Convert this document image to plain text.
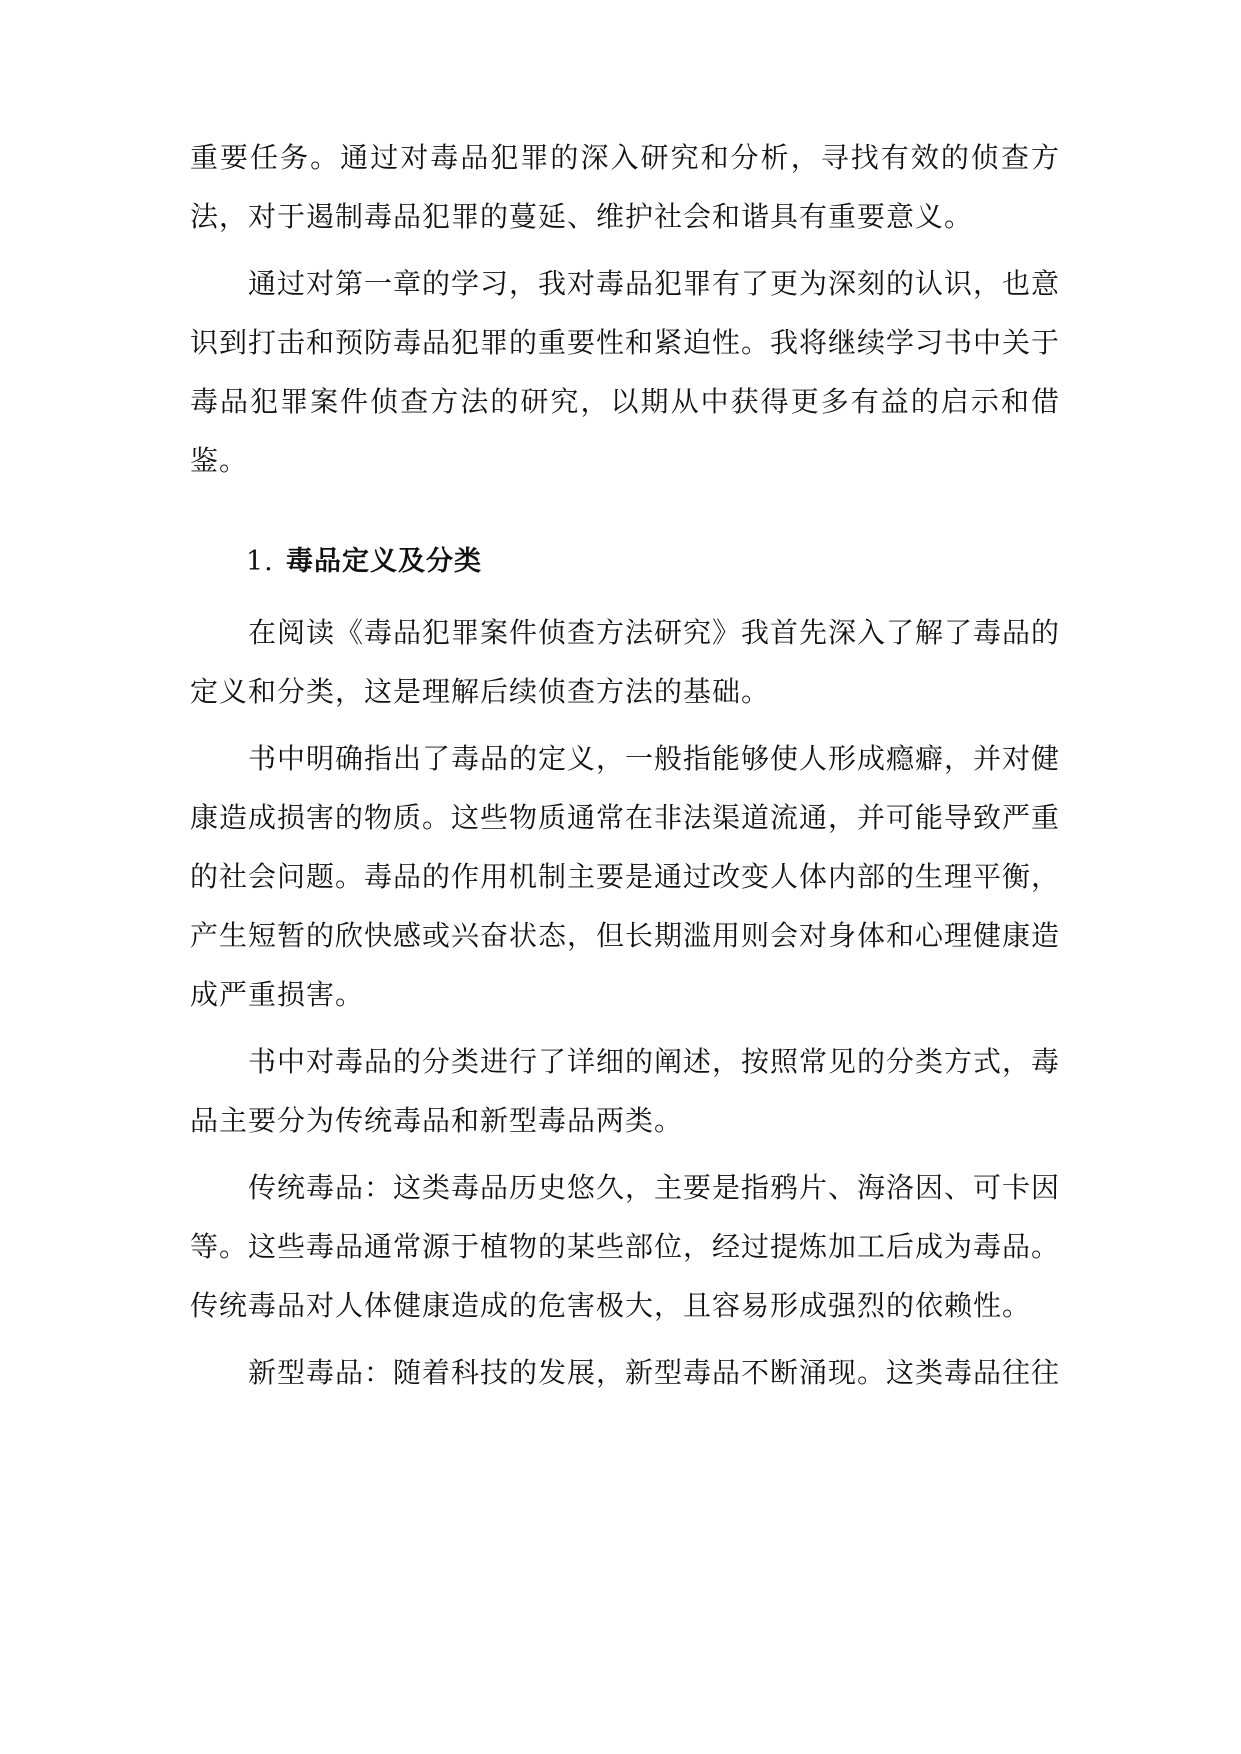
重要任务。通过对毒品犯罪的深入研究和分析，寻找有效的侦查方法，对于遏制毒品犯罪的蔓延、维护社会和谐具有重要意义。

通过对第一章的学习，我对毒品犯罪有了更为深刻的认识，也意识到打击和预防毒品犯罪的重要性和紧迫性。我将继续学习书中关于毒品犯罪案件侦查方法的研究，以期从中获得更多有益的启示和借鉴。

1. 毒品定义及分类

在阅读《毒品犯罪案件侦查方法研究》我首先深入了解了毒品的定义和分类，这是理解后续侦查方法的基础。

书中明确指出了毒品的定义，一般指能够使人形成瘾癖，并对健康造成损害的物质。这些物质通常在非法渠道流通，并可能导致严重的社会问题。毒品的作用机制主要是通过改变人体内部的生理平衡，产生短暂的欣快感或兴奋状态，但长期滥用则会对身体和心理健康造成严重损害。

书中对毒品的分类进行了详细的阐述，按照常见的分类方式，毒品主要分为传统毒品和新型毒品两类。

传统毒品：这类毒品历史悠久，主要是指鸦片、海洛因、可卡因等。这些毒品通常源于植物的某些部位，经过提炼加工后成为毒品。传统毒品对人体健康造成的危害极大，且容易形成强烈的依赖性。

新型毒品：随着科技的发展，新型毒品不断涌现。这类毒品往往
